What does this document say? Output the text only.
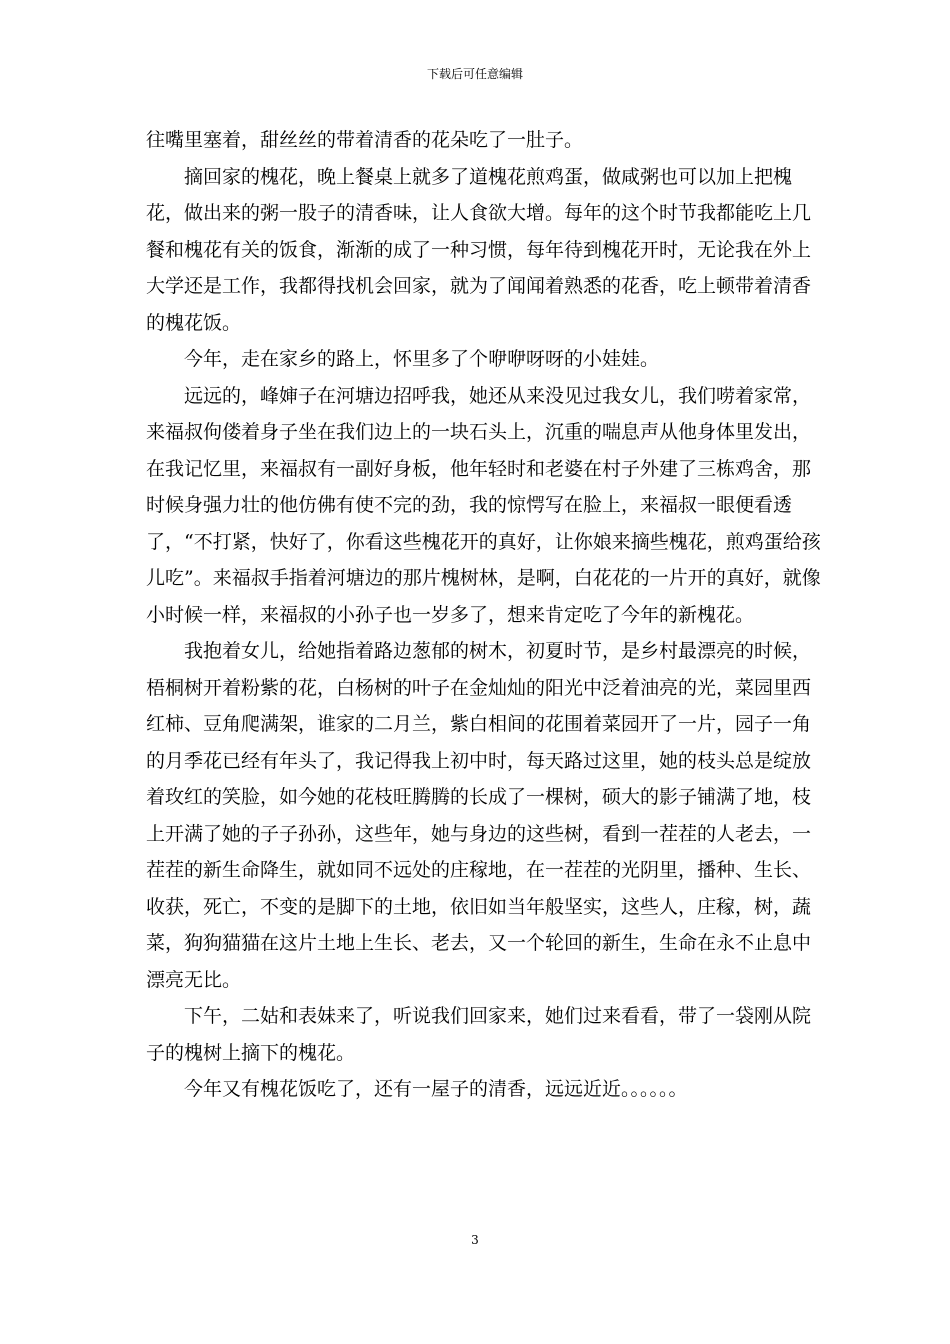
下载后可任意编辑

往嘴里塞着，甜丝丝的带着清香的花朵吃了一肚子。

摘回家的槐花，晚上餐桌上就多了道槐花煎鸡蛋，做咸粥也可以加上把槐花，做出来的粥一股子的清香味，让人食欲大增。每年的这个时节我都能吃上几餐和槐花有关的饭食，渐渐的成了一种习惯，每年待到槐花开时，无论我在外上大学还是工作，我都得找机会回家，就为了闻闻着熟悉的花香，吃上顿带着清香的槐花饭。

今年，走在家乡的路上，怀里多了个咿咿呀呀的小娃娃。

远远的，峰婶子在河塘边招呼我，她还从来没见过我女儿，我们唠着家常，来福叔佝偻着身子坐在我们边上的一块石头上，沉重的喘息声从他身体里发出，在我记忆里，来福叔有一副好身板，他年轻时和老婆在村子外建了三栋鸡舍，那时候身强力壮的他仿佛有使不完的劲，我的惊愕写在脸上，来福叔一眼便看透了，“不打紧，快好了，你看这些槐花开的真好，让你娘来摘些槐花，煎鸡蛋给孩儿吃”。来福叔手指着河塘边的那片槐树林，是啊，白花花的一片开的真好，就像小时候一样，来福叔的小孙子也一岁多了，想来肯定吃了今年的新槐花。

我抱着女儿，给她指着路边葱郁的树木，初夏时节，是乡村最漂亮的时候，梧桐树开着粉紫的花，白杨树的叶子在金灿灿的阳光中泛着油亮的光，菜园里西红柿、豆角爬满架，谁家的二月兰，紫白相间的花围着菜园开了一片，园子一角的月季花已经有年头了，我记得我上初中时，每天路过这里，她的枝头总是绽放着玫红的笑脸，如今她的花枝旺腾腾的长成了一棵树，硕大的影子铺满了地，枝上开满了她的子子孙孙，这些年，她与身边的这些树，看到一茬茬的人老去，一茬茬的新生命降生，就如同不远处的庄稼地，在一茬茬的光阴里，播种、生长、收获，死亡，不变的是脚下的土地，依旧如当年般坚实，这些人，庄稼，树，蔬菜，狗狗猫猫在这片土地上生长、老去，又一个轮回的新生，生命在永不止息中漂亮无比。

下午，二姑和表妹来了，听说我们回家来，她们过来看看，带了一袋刚从院子的槐树上摘下的槐花。

今年又有槐花饭吃了，还有一屋子的清香，远远近近。。。。。。

3
